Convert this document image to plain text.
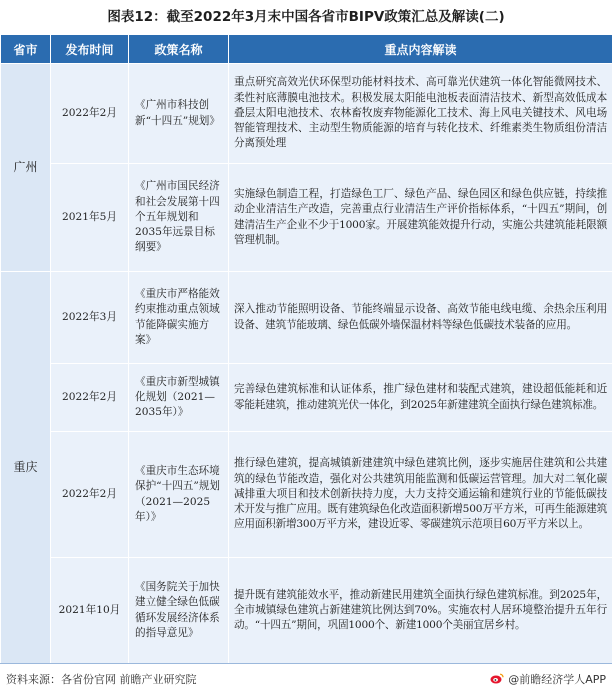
图表12：截至2022年3月末中国各省市BIPV政策汇总及解读(二)
省市	发布时间	政策名称	重点内容解读
广州	2022年2月	《广州市科技创新“十四五”规划》	重点研究高效光伏环保型功能材料技术、高可靠光伏建筑一体化智能微网技术、柔性衬底薄膜电池技术。积极发展太阳能电池板表面清洁技术、新型高效低成本叠层太阳电池技术、农林畜牧废弃物能源化工技术、海上风电关键技术、风电场智能管理技术、主动型生物质能源的培育与转化技术、纤维素类生物质组份清洁分离预处理
	2021年5月	《广州市国民经济和社会发展第十四个五年规划和2035年远景目标纲要》	实施绿色制造工程，打造绿色工厂、绿色产品、绿色园区和绿色供应链，持续推动企业清洁生产改造，完善重点行业清洁生产评价指标体系，“十四五”期间，创建清洁生产企业不少于1000家。开展建筑能效提升行动，实施公共建筑能耗限额管理机制。
重庆	2022年3月	《重庆市严格能效约束推动重点领域节能降碳实施方案》	深入推动节能照明设备、节能终端显示设备、高效节能电线电缆、余热余压利用设备、建筑节能玻璃、绿色低碳外墙保温材料等绿色低碳技术装备的应用。
	2022年2月	《重庆市新型城镇化规划（2021—2035年）》	完善绿色建筑标准和认证体系，推广绿色建材和装配式建筑，建设超低能耗和近零能耗建筑，推动建筑光伏一体化，到2025年新建建筑全面执行绿色建筑标准。
	2022年2月	《重庆市生态环境保护“十四五”规划（2021—2025年）》	推行绿色建筑，提高城镇新建建筑中绿色建筑比例，逐步实施居住建筑和公共建筑的绿色节能改造，强化对公共建筑用能监测和低碳运营管理。加大对二氧化碳减排重大项目和技术创新扶持力度，大力支持交通运输和建筑行业的节能低碳技术开发与推广应用。既有建筑绿色化改造面积新增500万平方米，可再生能源建筑应用面积新增300万平方米，建设近零、零碳建筑示范项目60万平方米以上。
	2021年10月	《国务院关于加快建立健全绿色低碳循环发展经济体系的指导意见》	提升既有建筑能效水平，推动新建民用建筑全面执行绿色建筑标准。到2025年，全市城镇绿色建筑占新建建筑比例达到70%。实施农村人居环境整治提升五年行动。“十四五”期间，巩固1000个、新建1000个美丽宜居乡村。
资料来源：各省份官网 前瞻产业研究院	@前瞻经济学人APP
